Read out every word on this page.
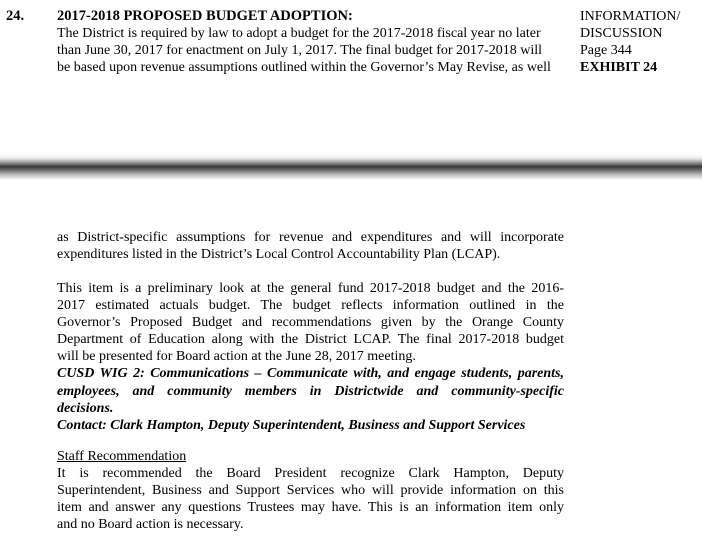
24. 2017-2018 PROPOSED BUDGET ADOPTION:
The District is required by law to adopt a budget for the 2017-2018 fiscal year no later
than June 30, 2017 for enactment on July 1, 2017. The final budget for 2017-2018 will
be based upon revenue assumptions outlined within the Governor’s May Revise, as well
INFORMATION/
DISCUSSION
Page 344
EXHIBIT 24
as District-specific assumptions for revenue and expenditures and will incorporate
expenditures listed in the District’s Local Control Accountability Plan (LCAP).
This item is a preliminary look at the general fund 2017-2018 budget and the 2016-
2017 estimated actuals budget. The budget reflects information outlined in the
Governor’s Proposed Budget and recommendations given by the Orange County
Department of Education along with the District LCAP. The final 2017-2018 budget
will be presented for Board action at the June 28, 2017 meeting.
CUSD WIG 2: Communications – Communicate with, and engage students, parents,
employees, and community members in Districtwide and community-specific
decisions.
Contact: Clark Hampton, Deputy Superintendent, Business and Support Services
Staff Recommendation
It is recommended the Board President recognize Clark Hampton, Deputy
Superintendent, Business and Support Services who will provide information on this
item and answer any questions Trustees may have. This is an information item only
and no Board action is necessary.
